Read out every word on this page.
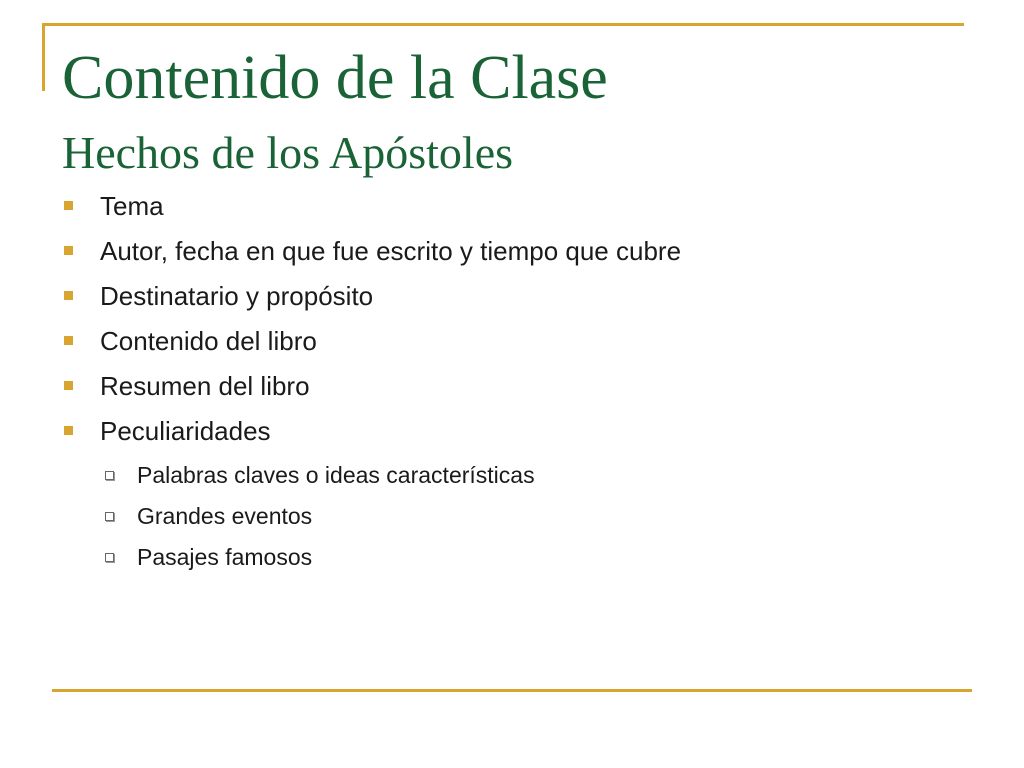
Contenido de la Clase
Hechos de los Apóstoles
Tema
Autor, fecha en que fue escrito y tiempo que cubre
Destinatario y propósito
Contenido del libro
Resumen del libro
Peculiaridades
Palabras claves o ideas características
Grandes eventos
Pasajes famosos
